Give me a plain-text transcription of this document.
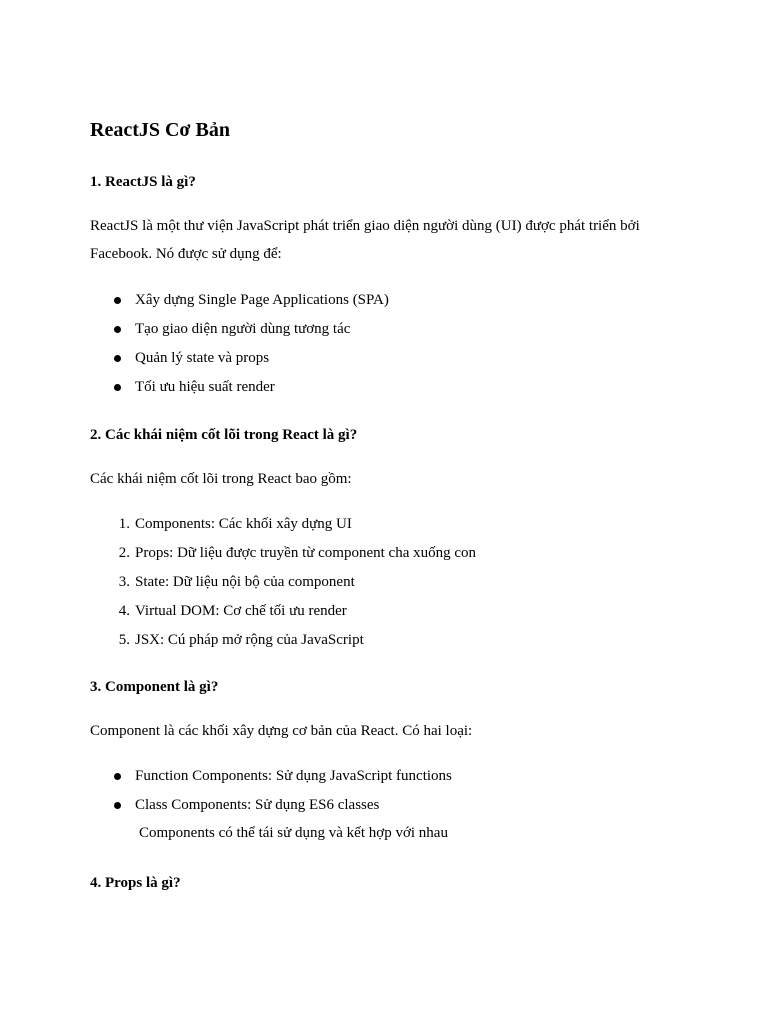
ReactJS Cơ Bản
1. ReactJS là gì?

ReactJS là một thư viện JavaScript phát triển giao diện người dùng (UI) được phát triển bởi Facebook. Nó được sử dụng để:

Xây dựng Single Page Applications (SPA)
Tạo giao diện người dùng tương tác
Quản lý state và props
Tối ưu hiệu suất render
2. Các khái niệm cốt lõi trong React là gì?

Các khái niệm cốt lõi trong React bao gồm:

1. Components: Các khối xây dựng UI
2. Props: Dữ liệu được truyền từ component cha xuống con
3. State: Dữ liệu nội bộ của component
4. Virtual DOM: Cơ chế tối ưu render
5. JSX: Cú pháp mở rộng của JavaScript
3. Component là gì?

Component là các khối xây dựng cơ bản của React. Có hai loại:

Function Components: Sử dụng JavaScript functions
Class Components: Sử dụng ES6 classes
Components có thể tái sử dụng và kết hợp với nhau
4. Props là gì?
